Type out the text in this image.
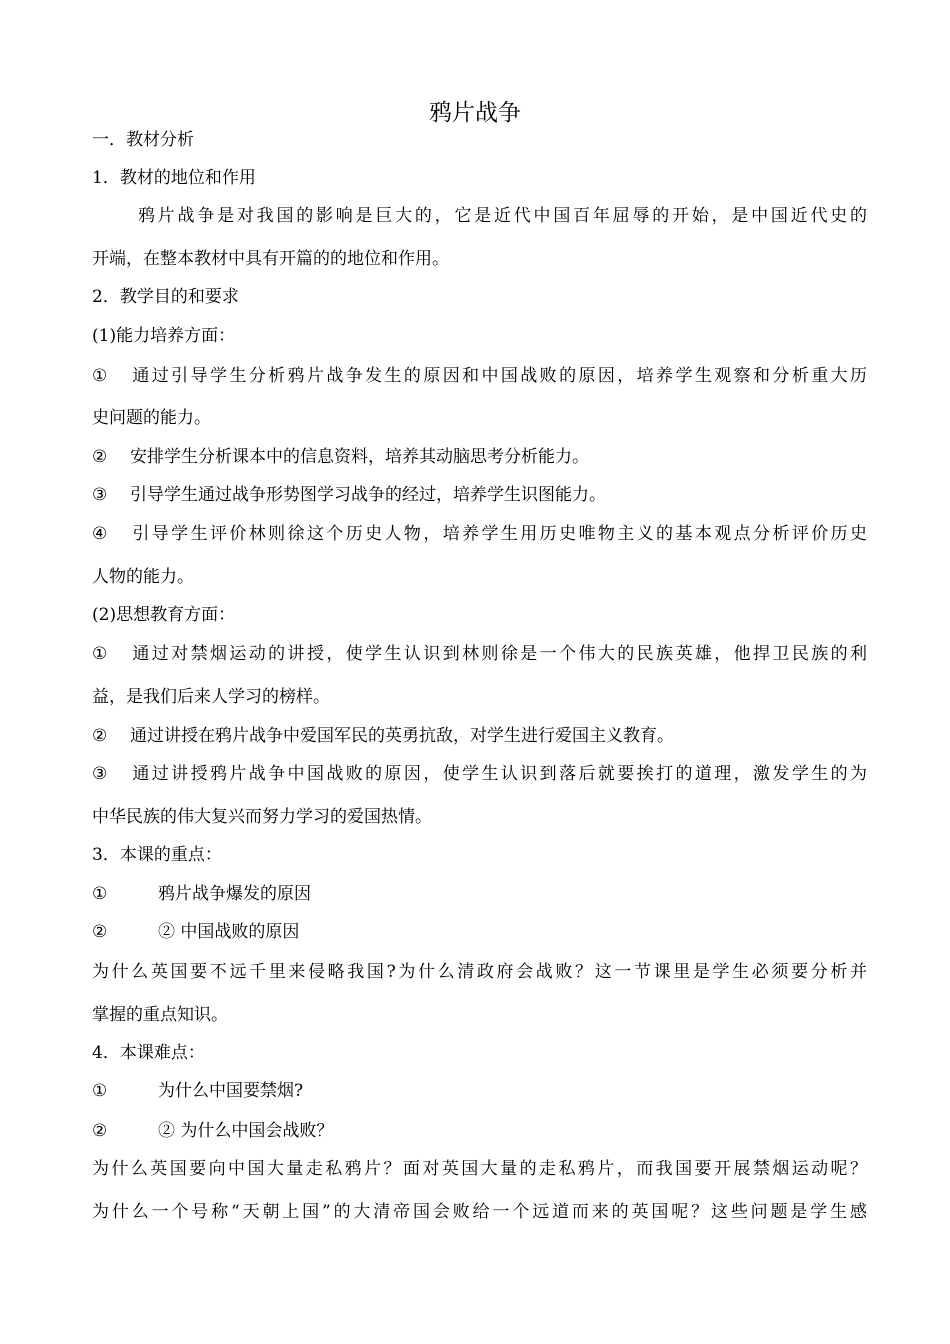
鸦片战争
一．教材分析
1．教材的地位和作用
鸦片战争是对我国的影响是巨大的，它是近代中国百年屈辱的开始，是中国近代史的
开端，在整本教材中具有开篇的的地位和作用。
2．教学目的和要求
(1)能力培养方面：
① 通过引导学生分析鸦片战争发生的原因和中国战败的原因，培养学生观察和分析重大历
史问题的能力。
② 安排学生分析课本中的信息资料，培养其动脑思考分析能力。
③ 引导学生通过战争形势图学习战争的经过，培养学生识图能力。
④ 引导学生评价林则徐这个历史人物，培养学生用历史唯物主义的基本观点分析评价历史
人物的能力。
(2)思想教育方面：
① 通过对禁烟运动的讲授，使学生认识到林则徐是一个伟大的民族英雄，他捍卫民族的利
益，是我们后来人学习的榜样。
② 通过讲授在鸦片战争中爱国军民的英勇抗敌，对学生进行爱国主义教育。
③ 通过讲授鸦片战争中国战败的原因，使学生认识到落后就要挨打的道理，激发学生的为
中华民族的伟大复兴而努力学习的爱国热情。
3．本课的重点：
①	鸦片战争爆发的原因
②	② 中国战败的原因
为什么英国要不远千里来侵略我国?为什么清政府会战败？这一节课里是学生必须要分析并
掌握的重点知识。
4．本课难点：
①	为什么中国要禁烟?
②	② 为什么中国会战败？
为什么英国要向中国大量走私鸦片？面对英国大量的走私鸦片，而我国要开展禁烟运动呢？
为什么一个号称“天朝上国”的大清帝国会败给一个远道而来的英国呢？这些问题是学生感
